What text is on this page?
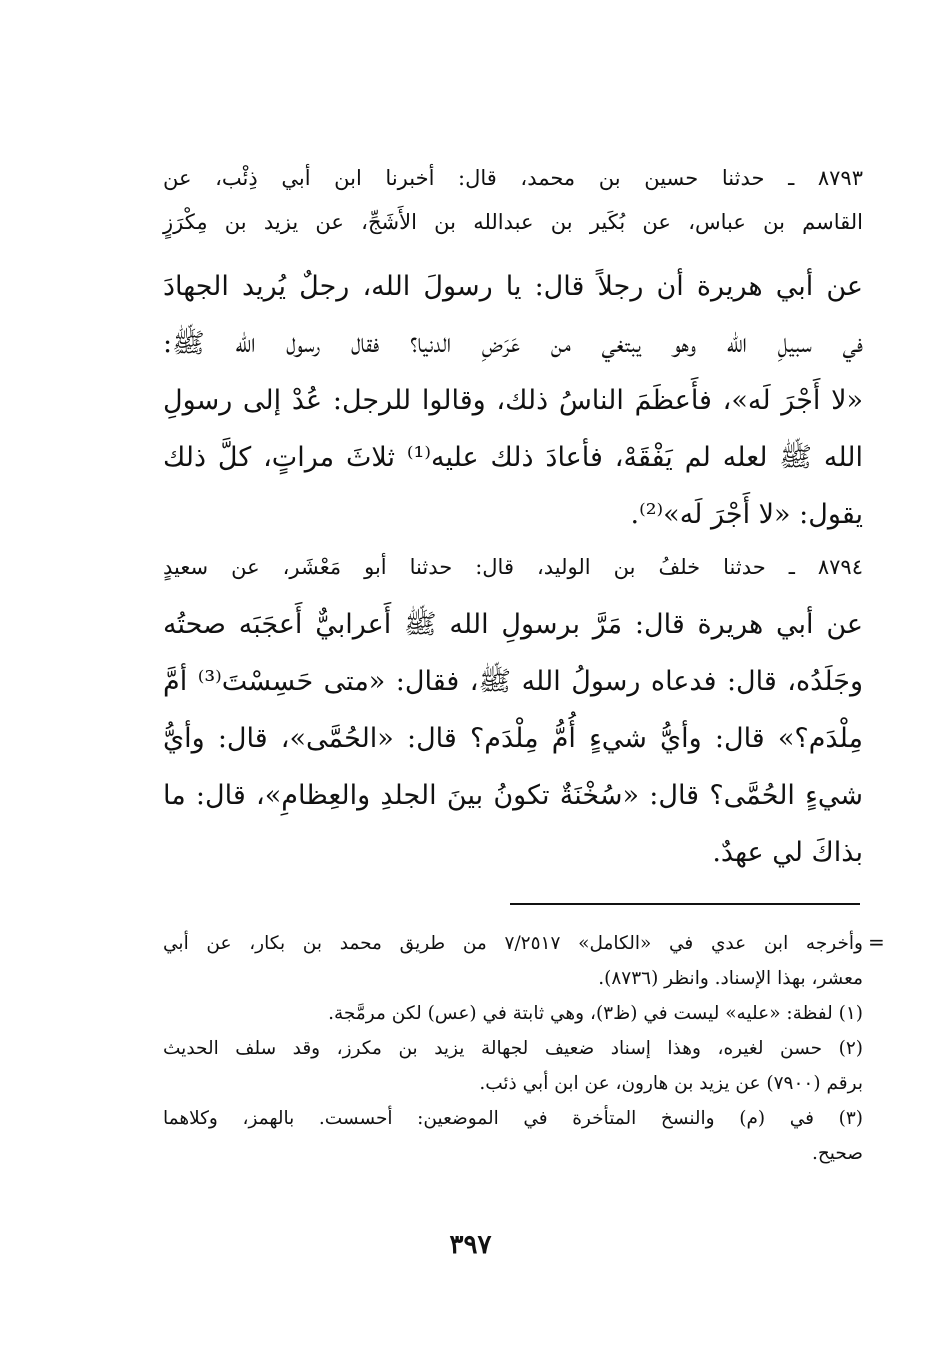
٨٧٩٣ ـ حدثنا حسين بن محمد، قال: أخبرنا ابن أبي ذِئْب، عن
القاسم بن عباس، عن بُكَير بن عبدالله بن الأَشَجِّ، عن يزيد بن مِكْرَزٍ
عن أبي هريرة أن رجلاً قال: يا رسولَ الله، رجلٌ يُريد الجهادَ
في سبيلِ الله وهو يبتغي من عَرَضِ الدنيا؟ فقال رسول الله ﷺ:
«لا أَجْرَ لَه»، فأَعظَمَ الناسُ ذلك، وقالوا للرجل: عُدْ إلى رسولِ
الله ﷺ لعله لم يَفْقَهْ، فأعادَ ذلك عليه⁽¹⁾ ثلاثَ مراتٍ، كلَّ ذلك
يقول: «لا أَجْرَ لَه»⁽²⁾.
٨٧٩٤ ـ حدثنا خلفُ بن الوليد، قال: حدثنا أبو مَعْشَر، عن سعيدٍ
عن أبي هريرة قال: مَرَّ برسولِ الله ﷺ أَعرابيٌّ أَعجَبَه صحتُه
وجَلَدُه، قال: فدعاه رسولُ الله ﷺ، فقال: «متى حَسِسْتَ⁽³⁾ أمَّ
مِلْدَم؟» قال: وأيُّ شيءٍ أُمُّ مِلْدَم؟ قال: «الحُمَّى»، قال: وأيُّ
شيءٍ الحُمَّى؟ قال: «سُخْنَةٌ تكونُ بينَ الجلدِ والعِظامِ»، قال: ما
بذاكَ لي عهدٌ.
=
وأخرجه ابن عدي في «الكامل» ٧/٢٥١٧ من طريق محمد بن بكار، عن أبي
معشر، بهذا الإسناد. وانظر (٨٧٣٦).
(١) لفظة: «عليه» ليست في (ظ٣)، وهي ثابتة في (عس) لكن مرمَّجة.
(٢) حسن لغيره، وهذا إسناد ضعيف لجهالة يزيد بن مكرز، وقد سلف الحديث
برقم (٧٩٠٠) عن يزيد بن هارون، عن ابن أبي ذئب.
(٣) في (م) والنسخ المتأخرة في الموضعين: أحسست. بالهمز، وكلاهما
صحيح.
٣٩٧
